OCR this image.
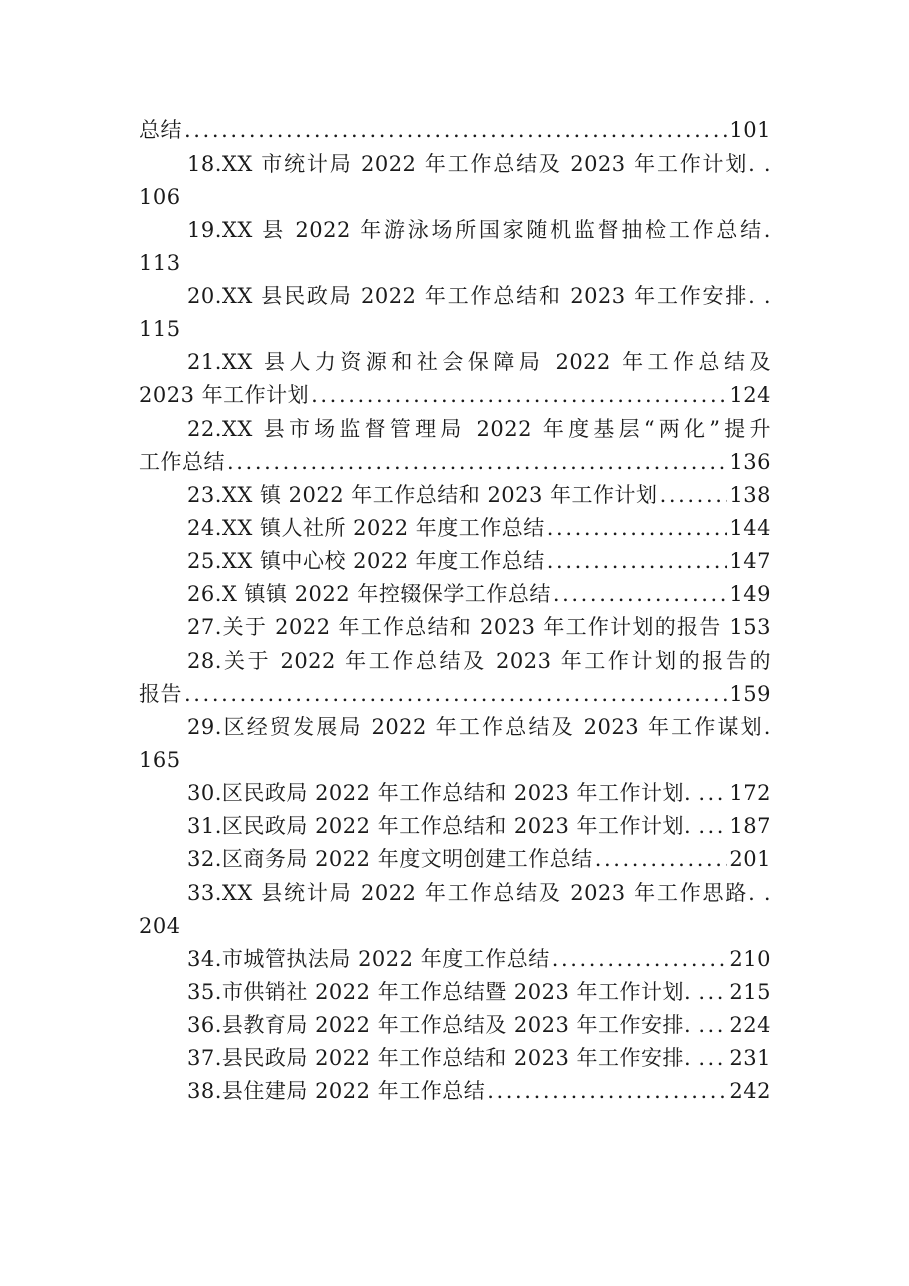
总结 .....	101
18.XX 市统计局 2022 年工作总结及 2023 年工作计划. .
106
19.XX 县 2022 年游泳场所国家随机监督抽检工作总结.
113
20.XX 县民政局 2022 年工作总结和 2023 年工作安排. .
115
21.XX 县人力资源和社会保障局 2022 年工作总结及
2023 年工作计划 .....	124
22.XX 县市场监督管理局 2022 年度基层“两化”提升
工作总结 .....	136
23.XX 镇 2022 年工作总结和 2023 年工作计划 .....	138
24.XX 镇人社所 2022 年度工作总结 .....	144
25.XX 镇中心校 2022 年度工作总结 .....	147
26.X 镇镇 2022 年控辍保学工作总结 .....	149
27.关于 2022 年工作总结和 2023 年工作计划的报告 153
28.关于 2022 年工作总结及 2023 年工作计划的报告的
报告 .....	159
29.区经贸发展局 2022 年工作总结及 2023 年工作谋划.
165
30.区民政局 2022 年工作总结和 2023 年工作计划. . ..... 172
31.区民政局 2022 年工作总结和 2023 年工作计划. . ..... 187
32.区商务局 2022 年度文明创建工作总结 .....	201
33.XX 县统计局 2022 年工作总结及 2023 年工作思路. .
204
34.市城管执法局 2022 年度工作总结 .....	210
35.市供销社 2022 年工作总结暨 2023 年工作计划. . ..... 215
36.县教育局 2022 年工作总结及 2023 年工作安排. . ..... 224
37.县民政局 2022 年工作总结和 2023 年工作安排. . ..... 231
38.县住建局 2022 年工作总结 .....	242
